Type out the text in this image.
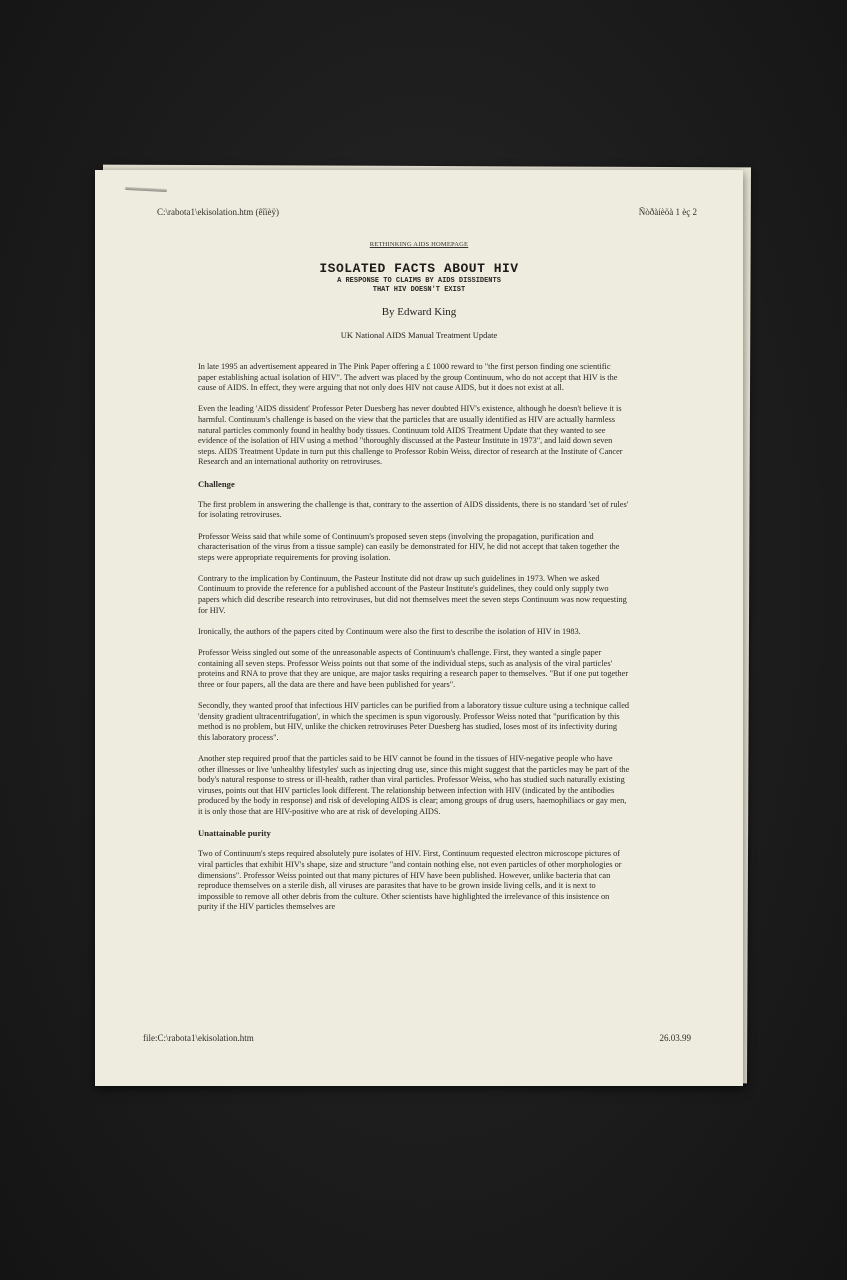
C:\rabota1\ekisolation.htm (êîïèÿ)	Ñòðàíèöà 1 èç 2
RETHINKING AIDS HOMEPAGE
ISOLATED FACTS ABOUT HIV
A RESPONSE TO CLAIMS BY AIDS DISSIDENTS
THAT HIV DOESN'T EXIST
By Edward King
UK National AIDS Manual Treatment Update

In late 1995 an advertisement appeared in The Pink Paper offering a £ 1000 reward to "the first person finding one scientific paper establishing actual isolation of HIV". The advert was placed by the group Continuum, who do not accept that HIV is the cause of AIDS. In effect, they were arguing that not only does HIV not cause AIDS, but it does not exist at all.

Even the leading 'AIDS dissident' Professor Peter Duesberg has never doubted HIV's existence, although he doesn't believe it is harmful. Continuum's challenge is based on the view that the particles that are usually identified as HIV are actually harmless natural particles commonly found in healthy body tissues. Continuum told AIDS Treatment Update that they wanted to see evidence of the isolation of HIV using a method "thoroughly discussed at the Pasteur Institute in 1973", and laid down seven steps. AIDS Treatment Update in turn put this challenge to Professor Robin Weiss, director of research at the Institute of Cancer Research and an international authority on retroviruses.

Challenge

The first problem in answering the challenge is that, contrary to the assertion of AIDS dissidents, there is no standard 'set of rules' for isolating retroviruses.

Professor Weiss said that while some of Continuum's proposed seven steps (involving the propagation, purification and characterisation of the virus from a tissue sample) can easily be demonstrated for HIV, he did not accept that taken together the steps were appropriate requirements for proving isolation.

Contrary to the implication by Continuum, the Pasteur Institute did not draw up such guidelines in 1973. When we asked Continuum to provide the reference for a published account of the Pasteur Institute's guidelines, they could only supply two papers which did describe research into retroviruses, but did not themselves meet the seven steps Continuum was now requesting for HIV.

Ironically, the authors of the papers cited by Continuum were also the first to describe the isolation of HIV in 1983.

Professor Weiss singled out some of the unreasonable aspects of Continuum's challenge. First, they wanted a single paper containing all seven steps. Professor Weiss points out that some of the individual steps, such as analysis of the viral particles' proteins and RNA to prove that they are unique, are major tasks requiring a research paper to themselves. "But if one put together three or four papers, all the data are there and have been published for years".

Secondly, they wanted proof that infectious HIV particles can be purified from a laboratory tissue culture using a technique called 'density gradient ultracentrifugation', in which the specimen is spun vigorously. Professor Weiss noted that "purification by this method is no problem, but HIV, unlike the chicken retroviruses Peter Duesberg has studied, loses most of its infectivity during this laboratory process".

Another step required proof that the particles said to be HIV cannot be found in the tissues of HIV-negative people who have other illnesses or live 'unhealthy lifestyles' such as injecting drug use, since this might suggest that the particles may be part of the body's natural response to stress or ill-health, rather than viral particles. Professor Weiss, who has studied such naturally existing viruses, points out that HIV particles look different. The relationship between infection with HIV (indicated by the antibodies produced by the body in response) and risk of developing AIDS is clear; among groups of drug users, haemophiliacs or gay men, it is only those that are HIV-positive who are at risk of developing AIDS.

Unattainable purity

Two of Continuum's steps required absolutely pure isolates of HIV. First, Continuum requested electron microscope pictures of viral particles that exhibit HIV's shape, size and structure "and contain nothing else, not even particles of other morphologies or dimensions". Professor Weiss pointed out that many pictures of HIV have been published. However, unlike bacteria that can reproduce themselves on a sterile dish, all viruses are parasites that have to be grown inside living cells, and it is next to impossible to remove all other debris from the culture. Other scientists have highlighted the irrelevance of this insistence on purity if the HIV particles themselves are

file:C:\rabota1\ekisolation.htm	26.03.99
